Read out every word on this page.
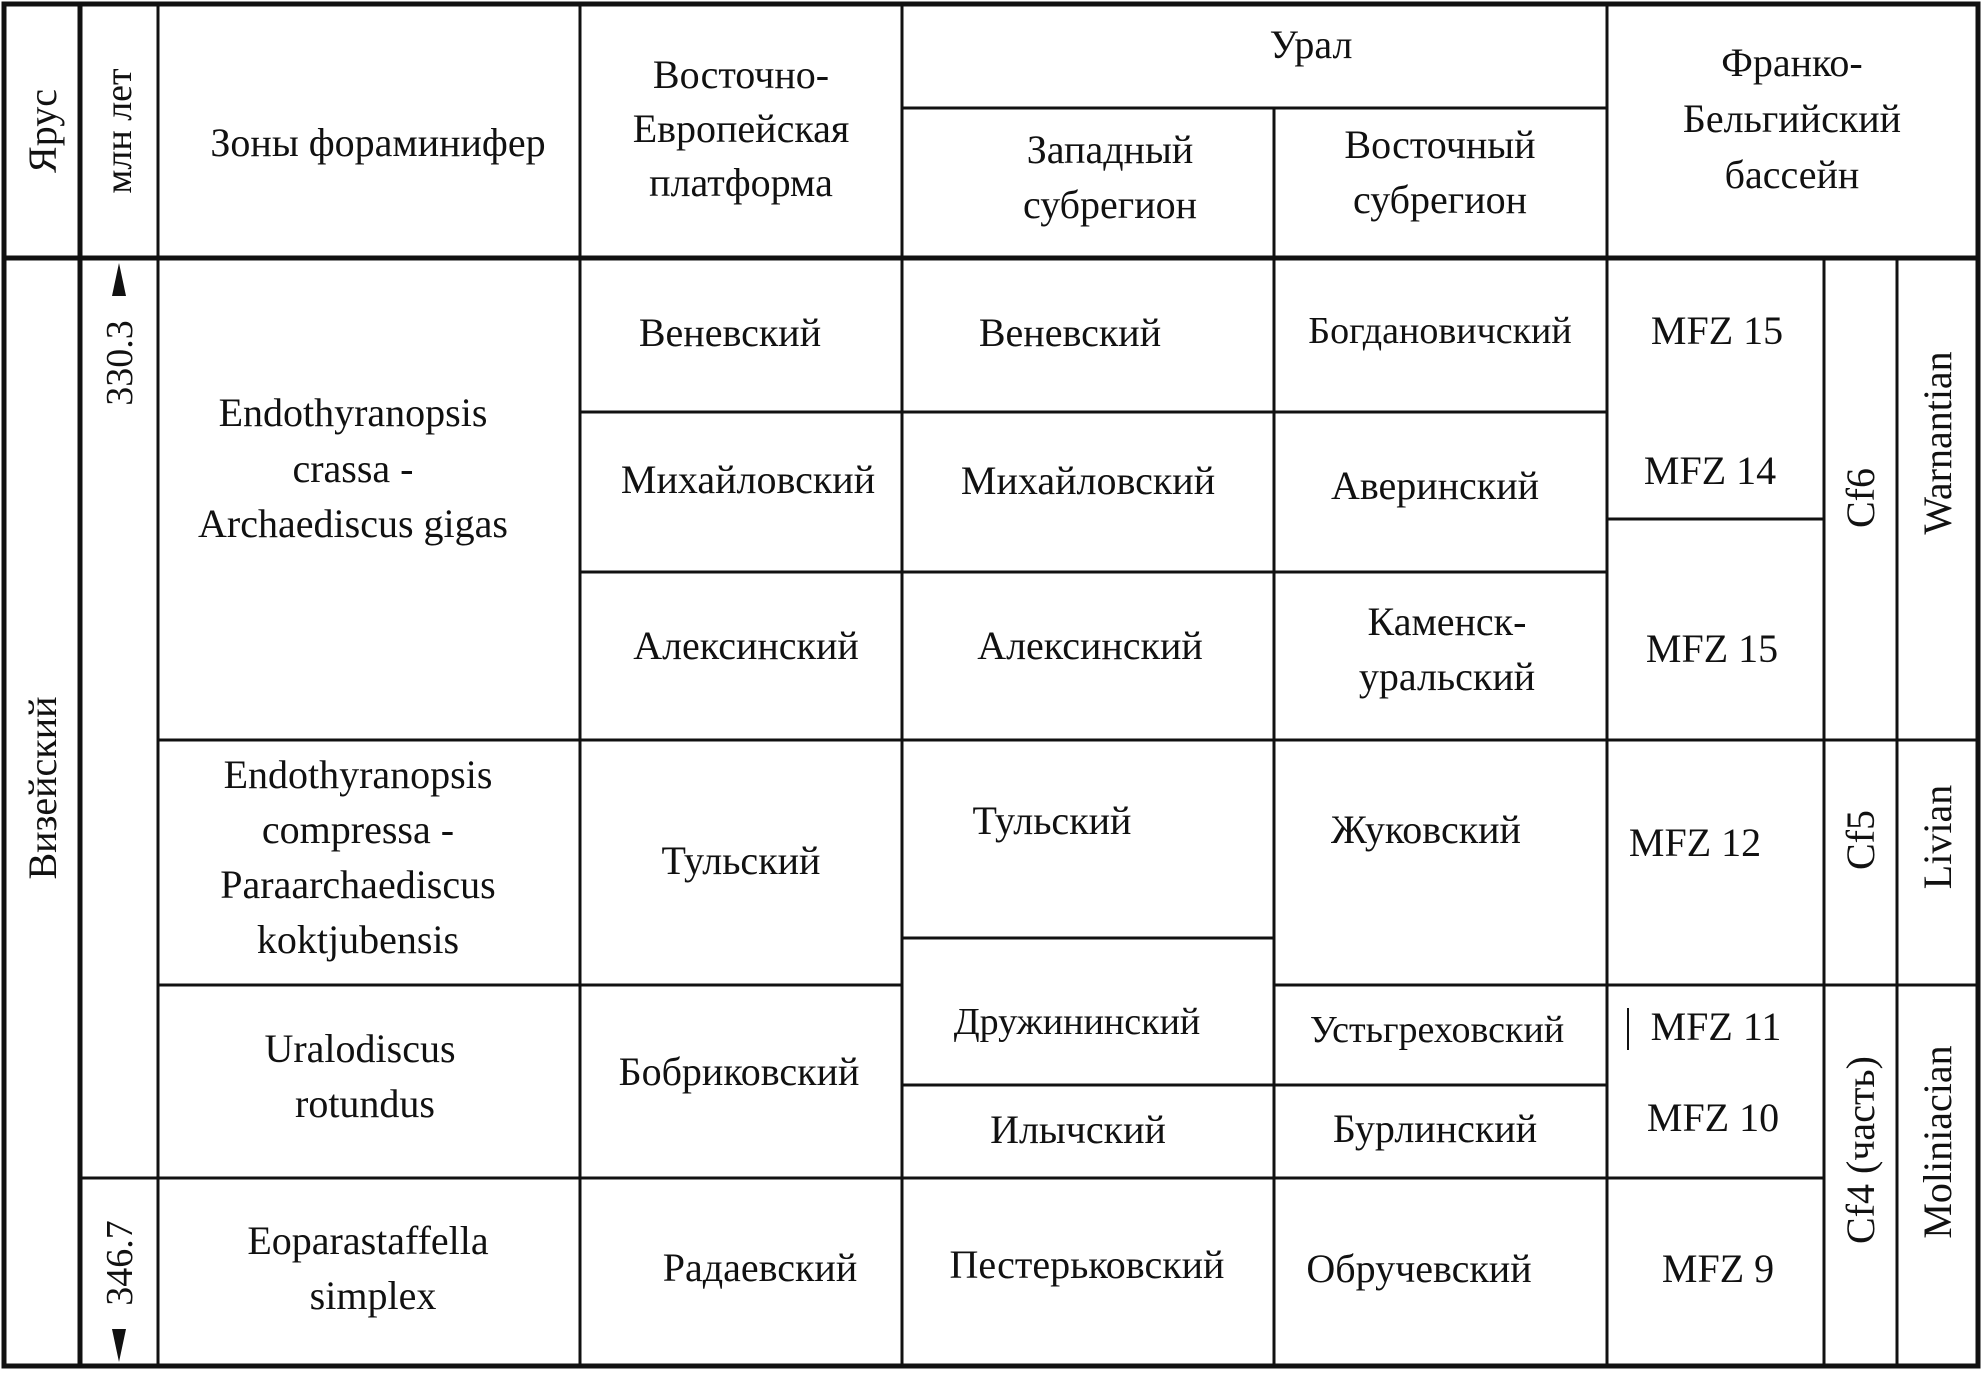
Ярус млн лет Зоны фораминифер
Восточно-
Европейская
платформа
Урал
Западный
субрегион
Восточный
субрегион
Франко-
Бельгийский
бассейн
Визейский
330.3
346.7
Endothyranopsis
crassa -
Archaediscus gigas
Endothyranopsis
compressa -
Paraarchaediscus
koktjubensis
Uralodiscus
rotundus
Eoparastaffella
simplex
Веневский
Михайловский
Алексинский
Тульский
Бобриковский
Радаевский
Веневский
Михайловский
Алексинский
Тульский
Дружининский
Илычский
Пестерьковский
Богдановичский
Аверинский
Каменск-
уральский
Жуковский
Устьгреховский
Бурлинский
Обручевский
MFZ 15
MFZ 14
MFZ 15
MFZ 12
MFZ 11
MFZ 10
MFZ 9
Cf6
Cf5
Cf4 (часть)
Warnantian
Livian
Moliniacian
